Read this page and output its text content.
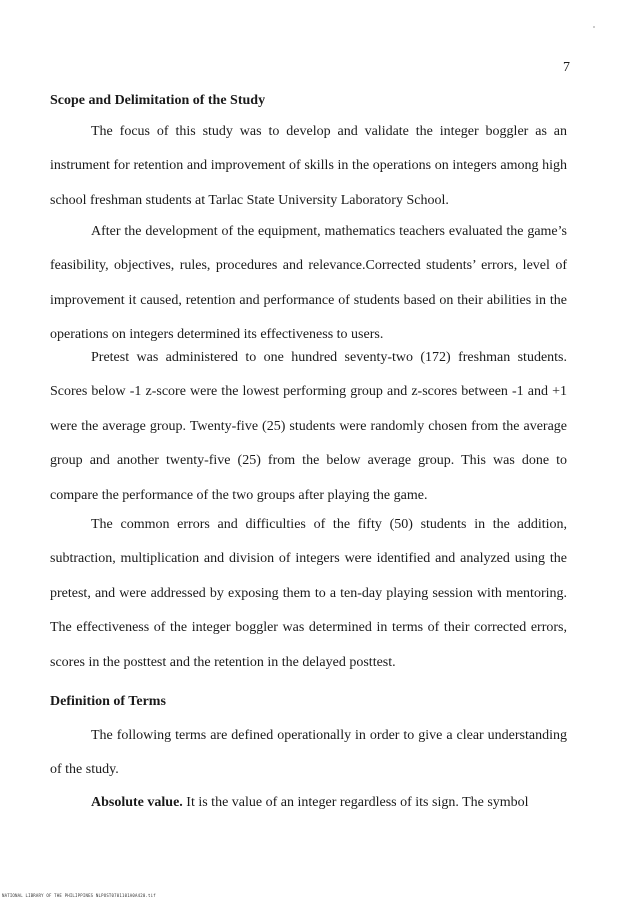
7
Scope and Delimitation of the Study

The focus of this study was to develop and validate the integer boggler as an instrument for retention and improvement of skills in the operations on integers among high school freshman students at Tarlac State University Laboratory School.

After the development of the equipment, mathematics teachers evaluated the game’s feasibility, objectives, rules, procedures and relevance.Corrected students’ errors, level of improvement it caused, retention and performance of students based on their abilities in the operations on integers determined its effectiveness to users.

Pretest was administered to one hundred seventy-two (172) freshman students. Scores below -1 z-score were the lowest performing group and z-scores between -1 and +1 were the average group. Twenty-five (25) students were randomly chosen from the average group and another twenty-five (25) from the below average group. This was done to compare the performance of the two groups after playing the game.

The common errors and difficulties of the fifty (50) students in the addition, subtraction, multiplication and division of integers were identified and analyzed using the pretest, and were addressed by exposing them to a ten-day playing session with mentoring. The effectiveness of the integer boggler was determined in terms of their corrected errors, scores in the posttest and the retention in the delayed posttest.

Definition of Terms

The following terms are defined operationally in order to give a clear understanding of the study.

Absolute value. It is the value of an integer regardless of its sign. The symbol

NATIONAL LIBRARY OF THE PHILIPPINES NLPOST0701101A0A420.tif
